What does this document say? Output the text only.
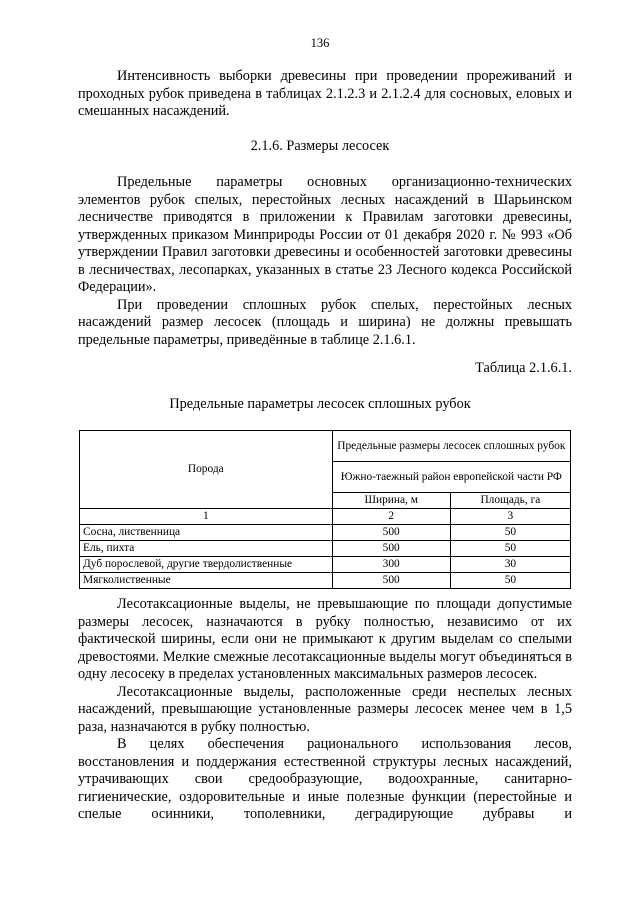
136

Интенсивность выборки древесины при проведении прореживаний и проходных рубок приведена в таблицах 2.1.2.3 и 2.1.2.4 для сосновых, еловых и смешанных насаждений.

2.1.6. Размеры лесосек

Предельные параметры основных организационно-технических элементов рубок спелых, перестойных лесных насаждений в Шарьинском лесничестве приводятся в приложении к Правилам заготовки древесины, утвержденных приказом Минприроды России от 01 декабря 2020 г. № 993 «Об утверждении Правил заготовки древесины и особенностей заготовки древесины в лесничествах, лесопарках, указанных в статье 23 Лесного кодекса Российской Федерации».

При проведении сплошных рубок спелых, перестойных лесных насаждений размер лесосек (площадь и ширина) не должны превышать предельные параметры, приведённые в таблице 2.1.6.1.

Таблица 2.1.6.1.
Предельные параметры лесосек сплошных рубок
Порода	Предельные размеры лесосек сплошных рубок	
	Южно-таежный район европейской части РФ	
	Ширина, м	Площадь, га
1	2	3
Сосна, лиственница	500	50
Ель, пихта	500	50
Дуб порослевой, другие твердолиственные	300	30
Мягколиственные	500	50

Лесотаксационные выделы, не превышающие по площади допустимые размеры лесосек, назначаются в рубку полностью, независимо от их фактической ширины, если они не примыкают к другим выделам со спелыми древостоями. Мелкие смежные лесотаксационные выделы могут объединяться в одну лесосеку в пределах установленных максимальных размеров лесосек.

Лесотаксационные выделы, расположенные среди неспелых лесных насаждений, превышающие установленные размеры лесосек менее чем в 1,5 раза, назначаются в рубку полностью.

В целях обеспечения рационального использования лесов, восстановления и поддержания естественной структуры лесных насаждений, утрачивающих свои средообразующие, водоохранные, санитарно-гигиенические, оздоровительные и иные полезные функции (перестойные и спелые осинники, тополевники, деградирующие дубравы и
